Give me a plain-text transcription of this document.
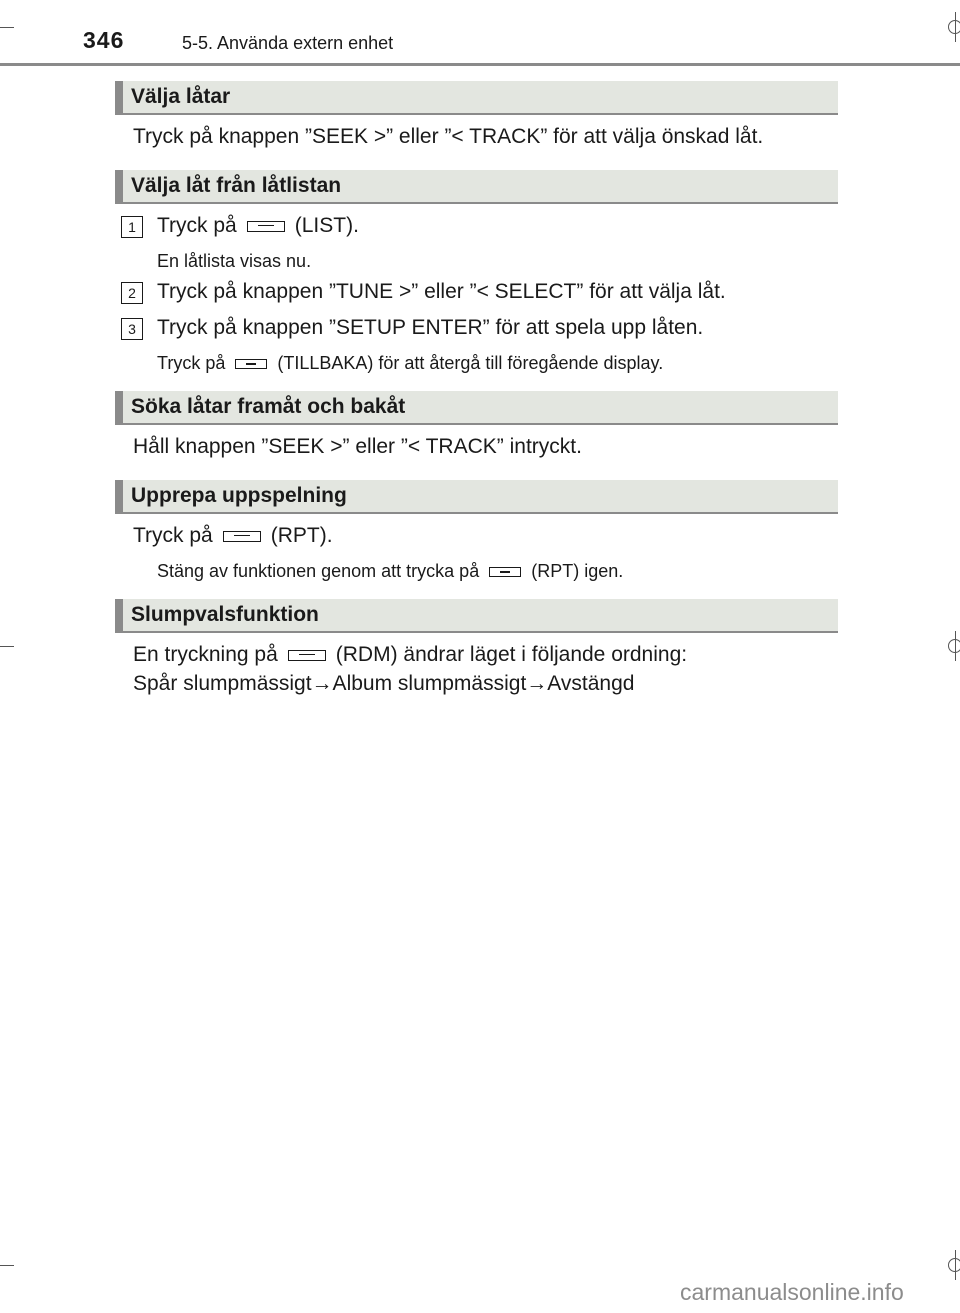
346	5-5. Använda extern enhet
Välja låtar
Tryck på knappen ”SEEK >” eller ”< TRACK” för att välja önskad låt.
Välja låt från låtlistan
1	Tryck på	(LIST).
En låtlista visas nu.
2	Tryck på knappen ”TUNE >” eller ”< SELECT” för att välja låt.
3	Tryck på knappen ”SETUP ENTER” för att spela upp låten.
Tryck på	(TILLBAKA) för att återgå till föregående display.
Söka låtar framåt och bakåt
Håll knappen ”SEEK >” eller ”< TRACK” intryckt.
Upprepa uppspelning
Tryck på	(RPT).
Stäng av funktionen genom att trycka på	(RPT) igen.
Slumpvalsfunktion
En tryckning på	(RDM) ändrar läget i följande ordning:
Spår slumpmässigt→Album slumpmässigt→Avstängd
carmanualsonline.info
